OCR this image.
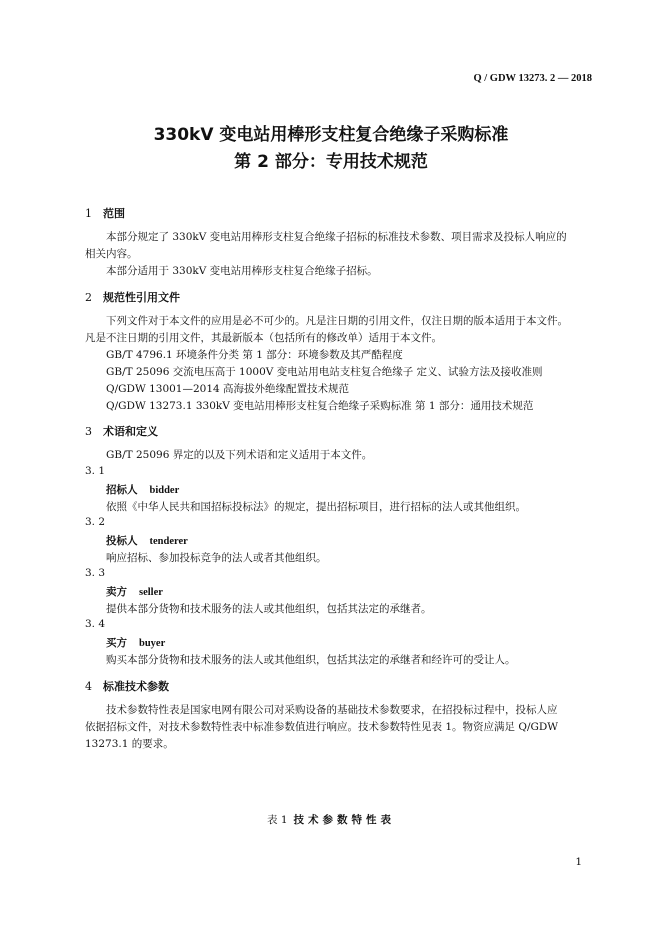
Q / GDW 13273. 2 — 2018
330kV 变电站用棒形支柱复合绝缘子采购标准
第 2 部分：专用技术规范
1 范围
本部分规定了 330kV 变电站用棒形支柱复合绝缘子招标的标准技术参数、项目需求及投标人响应的
相关内容。
本部分适用于 330kV 变电站用棒形支柱复合绝缘子招标。
2 规范性引用文件
下列文件对于本文件的应用是必不可少的。凡是注日期的引用文件，仅注日期的版本适用于本文件。
凡是不注日期的引用文件，其最新版本（包括所有的修改单）适用于本文件。
GB/T 4796.1 环境条件分类 第 1 部分：环境参数及其严酷程度
GB/T 25096 交流电压高于 1000V 变电站用电站支柱复合绝缘子 定义、试验方法及接收准则
Q/GDW 13001—2014 高海拔外绝缘配置技术规范
Q/GDW 13273.1 330kV 变电站用棒形支柱复合绝缘子采购标准 第 1 部分：通用技术规范
3 术语和定义
GB/T 25096 界定的以及下列术语和定义适用于本文件。
3. 1
招标人 bidder
依照《中华人民共和国招标投标法》的规定，提出招标项目，进行招标的法人或其他组织。
3. 2
投标人 tenderer
响应招标、参加投标竞争的法人或者其他组织。
3. 3
卖方 seller
提供本部分货物和技术服务的法人或其他组织，包括其法定的承继者。
3. 4
买方 buyer
购买本部分货物和技术服务的法人或其他组织，包括其法定的承继者和经许可的受让人。
4 标准技术参数
技术参数特性表是国家电网有限公司对采购设备的基础技术参数要求，在招投标过程中，投标人应
依据招标文件，对技术参数特性表中标准参数值进行响应。技术参数特性见表 1。物资应满足 Q/GDW
13273.1 的要求。
表 1 技术参数特性表
1
